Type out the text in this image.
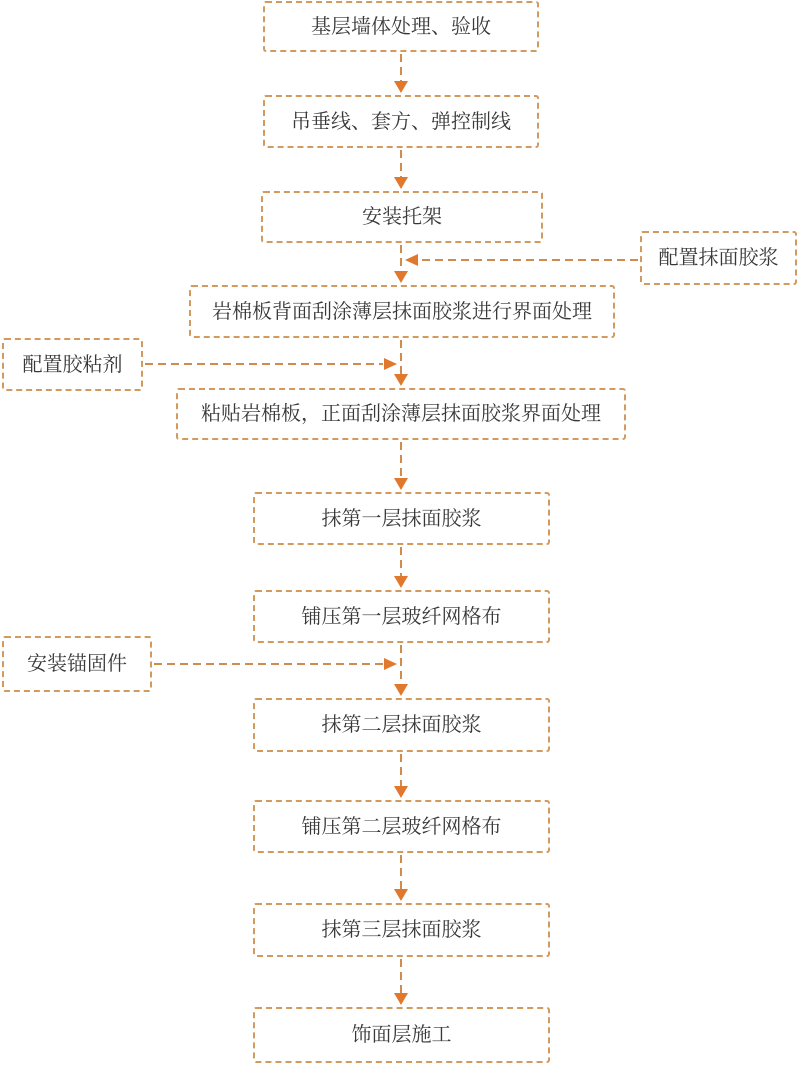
基层墙体处理、验收
吊垂线、套方、弹控制线
安装托架
岩棉板背面刮涂薄层抹面胶浆进行界面处理
粘贴岩棉板，正面刮涂薄层抹面胶浆界面处理
抹第一层抹面胶浆
铺压第一层玻纤网格布
抹第二层抹面胶浆
铺压第二层玻纤网格布
抹第三层抹面胶浆
饰面层施工
配置抹面胶浆
配置胶粘剂
安装锚固件
